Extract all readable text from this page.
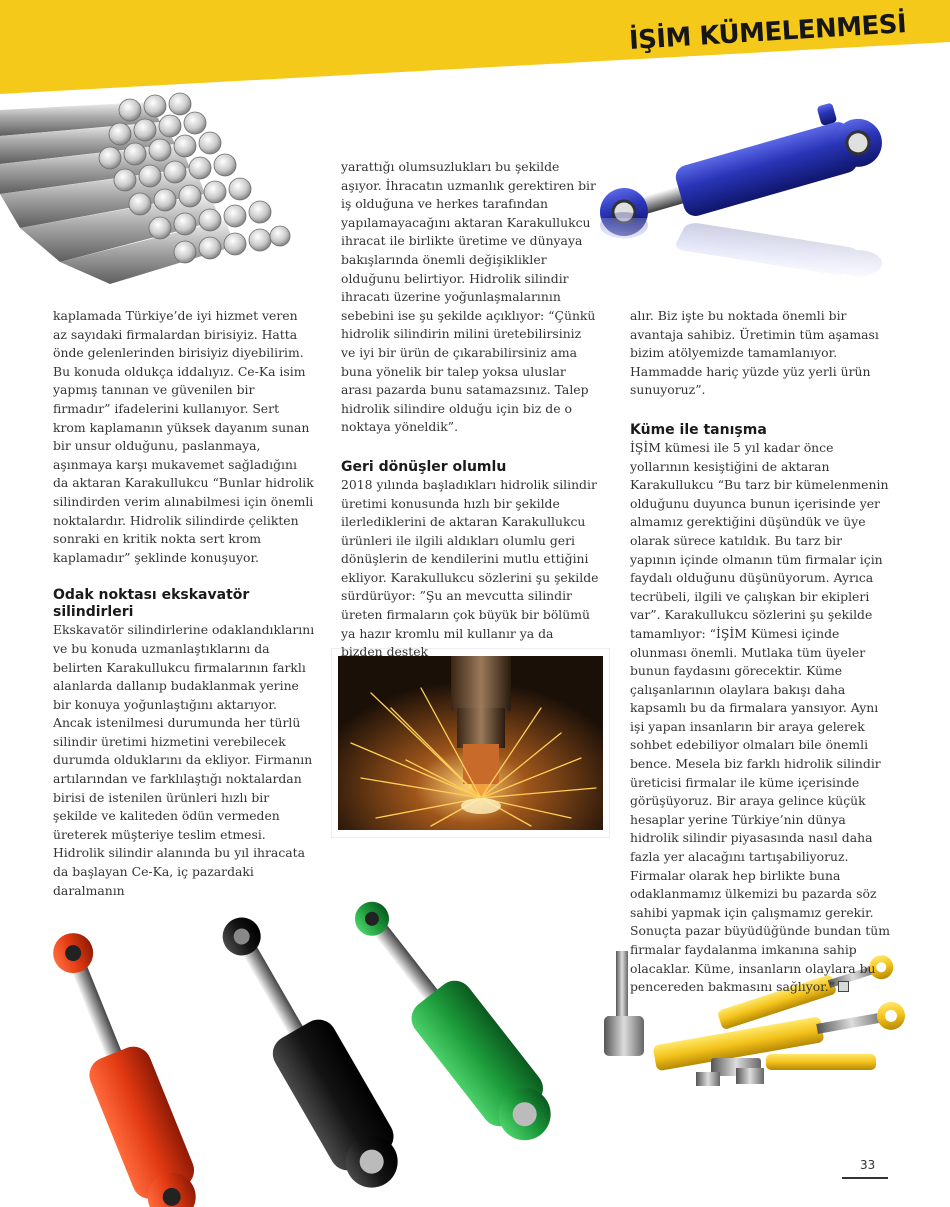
İŞİM KÜMELENMESİ

kaplamada Türkiye’de iyi hizmet veren az sayıdaki firmalardan birisiyiz. Hatta önde gelenlerinden birisiyiz diyebilirim. Bu konuda oldukça iddalıyız. Ce-Ka isim yapmış tanınan ve güvenilen bir firmadır” ifadelerini kullanıyor. Sert krom kaplamanın yüksek dayanım sunan bir unsur olduğunu, paslanmaya, aşınmaya karşı mukavemet sağladığını da aktaran Karakullukcu “Bunlar hidrolik silindirden verim alınabilmesi için önemli noktalardır. Hidrolik silindirde çelikten sonraki en kritik nokta sert krom kaplamadır” şeklinde konuşuyor.

Odak noktası ekskavatör silindirleri

Ekskavatör silindirlerine odaklandıklarını ve bu konuda uzmanlaştıklarını da belirten Karakullukcu firmalarının farklı alanlarda dallanıp budaklanmak yerine bir konuya yoğunlaştığını aktarıyor. Ancak istenilmesi durumunda her türlü silindir üretimi hizmetini verebilecek durumda olduklarını da ekliyor. Firmanın artılarından ve farklılaştığı noktalardan birisi de istenilen ürünleri hızlı bir şekilde ve kaliteden ödün vermeden üreterek müşteriye teslim etmesi. Hidrolik silindir alanında bu yıl ihracata da başlayan Ce-Ka, iç pazardaki daralmanın

yarattığı olumsuzlukları bu şekilde aşıyor. İhracatın uzmanlık gerektiren bir iş olduğuna ve herkes tarafından yapılamayacağını aktaran Karakullukcu ihracat ile birlikte üretime ve dünyaya bakışlarında önemli değişiklikler olduğunu belirtiyor. Hidrolik silindir ihracatı üzerine yoğunlaşmalarının sebebini ise şu şekilde açıklıyor: “Çünkü hidrolik silindirin milini üretebilirsiniz ve iyi bir ürün de çıkarabilirsiniz ama buna yönelik bir talep yoksa uluslar arası pazarda bunu satamazsınız. Talep hidrolik silindire olduğu için biz de o noktaya yöneldik”.

Geri dönüşler olumlu

2018 yılında başladıkları hidrolik silindir üretimi konusunda hızlı bir şekilde ilerlediklerini de aktaran Karakullukcu ürünleri ile ilgili aldıkları olumlu geri dönüşlerin de kendilerini mutlu ettiğini ekliyor. Karakullukcu sözlerini şu şekilde sürdürüyor: ”Şu an mevcutta silindir üreten firmaların çok büyük bir bölümü ya hazır kromlu mil kullanır ya da bizden destek

alır. Biz işte bu noktada önemli bir avantaja sahibiz. Üretimin tüm aşaması bizim atölyemizde tamamlanıyor. Hammadde hariç yüzde yüz yerli ürün sunuyoruz”.

Küme ile tanışma

İŞİM kümesi ile 5 yıl kadar önce yollarının kesiştiğini de aktaran Karakullukcu “Bu tarz bir kümelenmenin olduğunu duyunca bunun içerisinde yer almamız gerektiğini düşündük ve üye olarak sürece katıldık. Bu tarz bir yapının içinde olmanın tüm firmalar için faydalı olduğunu düşünüyorum. Ayrıca tecrübeli, ilgili ve çalışkan bir ekipleri var”. Karakullukcu sözlerini şu şekilde tamamlıyor: “İŞİM Kümesi içinde olunması önemli. Mutlaka tüm üyeler bunun faydasını görecektir. Küme çalışanlarının olaylara bakışı daha kapsamlı bu da firmalara yansıyor. Aynı işi yapan insanların bir araya gelerek sohbet edebiliyor olmaları bile önemli bence. Mesela biz farklı hidrolik silindir üreticisi firmalar ile küme içerisinde görüşüyoruz. Bir araya gelince küçük hesaplar yerine Türkiye’nin dünya hidrolik silindir piyasasında nasıl daha fazla yer alacağını tartışabiliyoruz. Firmalar olarak hep birlikte buna odaklanmamız ülkemizi bu pazarda söz sahibi yapmak için çalışmamız gerekir. Sonuçta pazar büyüdüğünde bundan tüm firmalar faydalanma imkanına sahip olacaklar. Küme, insanların olaylara bu pencereden bakmasını sağlıyor.”

33
